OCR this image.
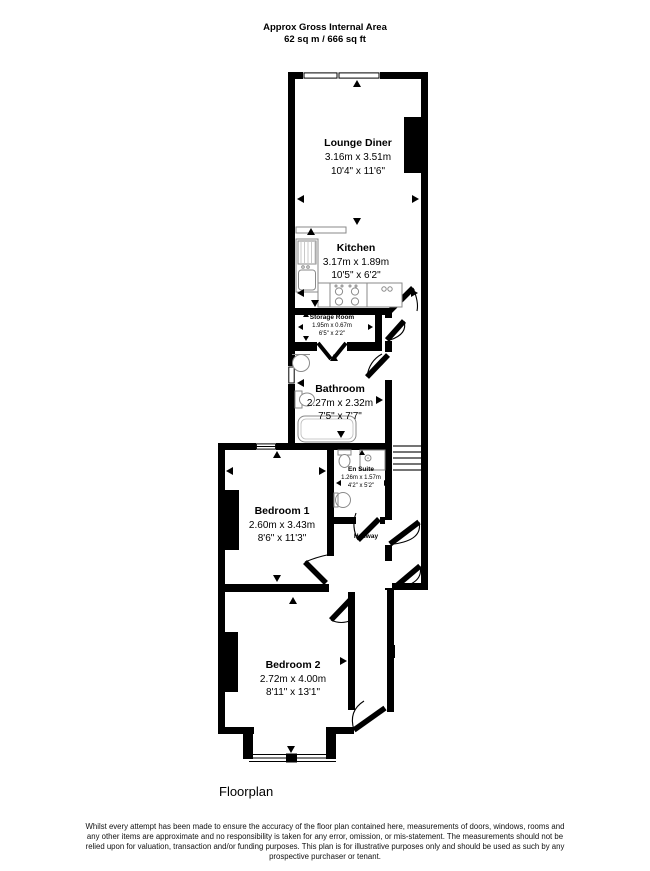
Approx Gross Internal Area
62 sq m / 666 sq ft
Lounge Diner
3.16m x 3.51m
10'4" x 11'6"
Kitchen
3.17m x 1.89m
10'5" x 6'2"
Storage Room
1.95m x 0.67m
6'5" x 2'2"
Bathroom
2.27m x 2.32m
7'5" x 7'7"
En Suite
1.26m x 1.57m
4'2" x 5'2"
Hallway
Bedroom 1
2.60m x 3.43m
8'6" x 11'3"
Bedroom 2
2.72m x 4.00m
8'11" x 13'1"
Floorplan
Whilst every attempt has been made to ensure the accuracy of the floor plan contained here, measurements of doors, windows, rooms and
any other items are approximate and no responsibility is taken for any error, omission, or mis-statement. The measurements should not be
relied upon for valuation, transaction and/or funding purposes. This plan is for illustrative purposes only and should be used as such by any
prospective purchaser or tenant.
